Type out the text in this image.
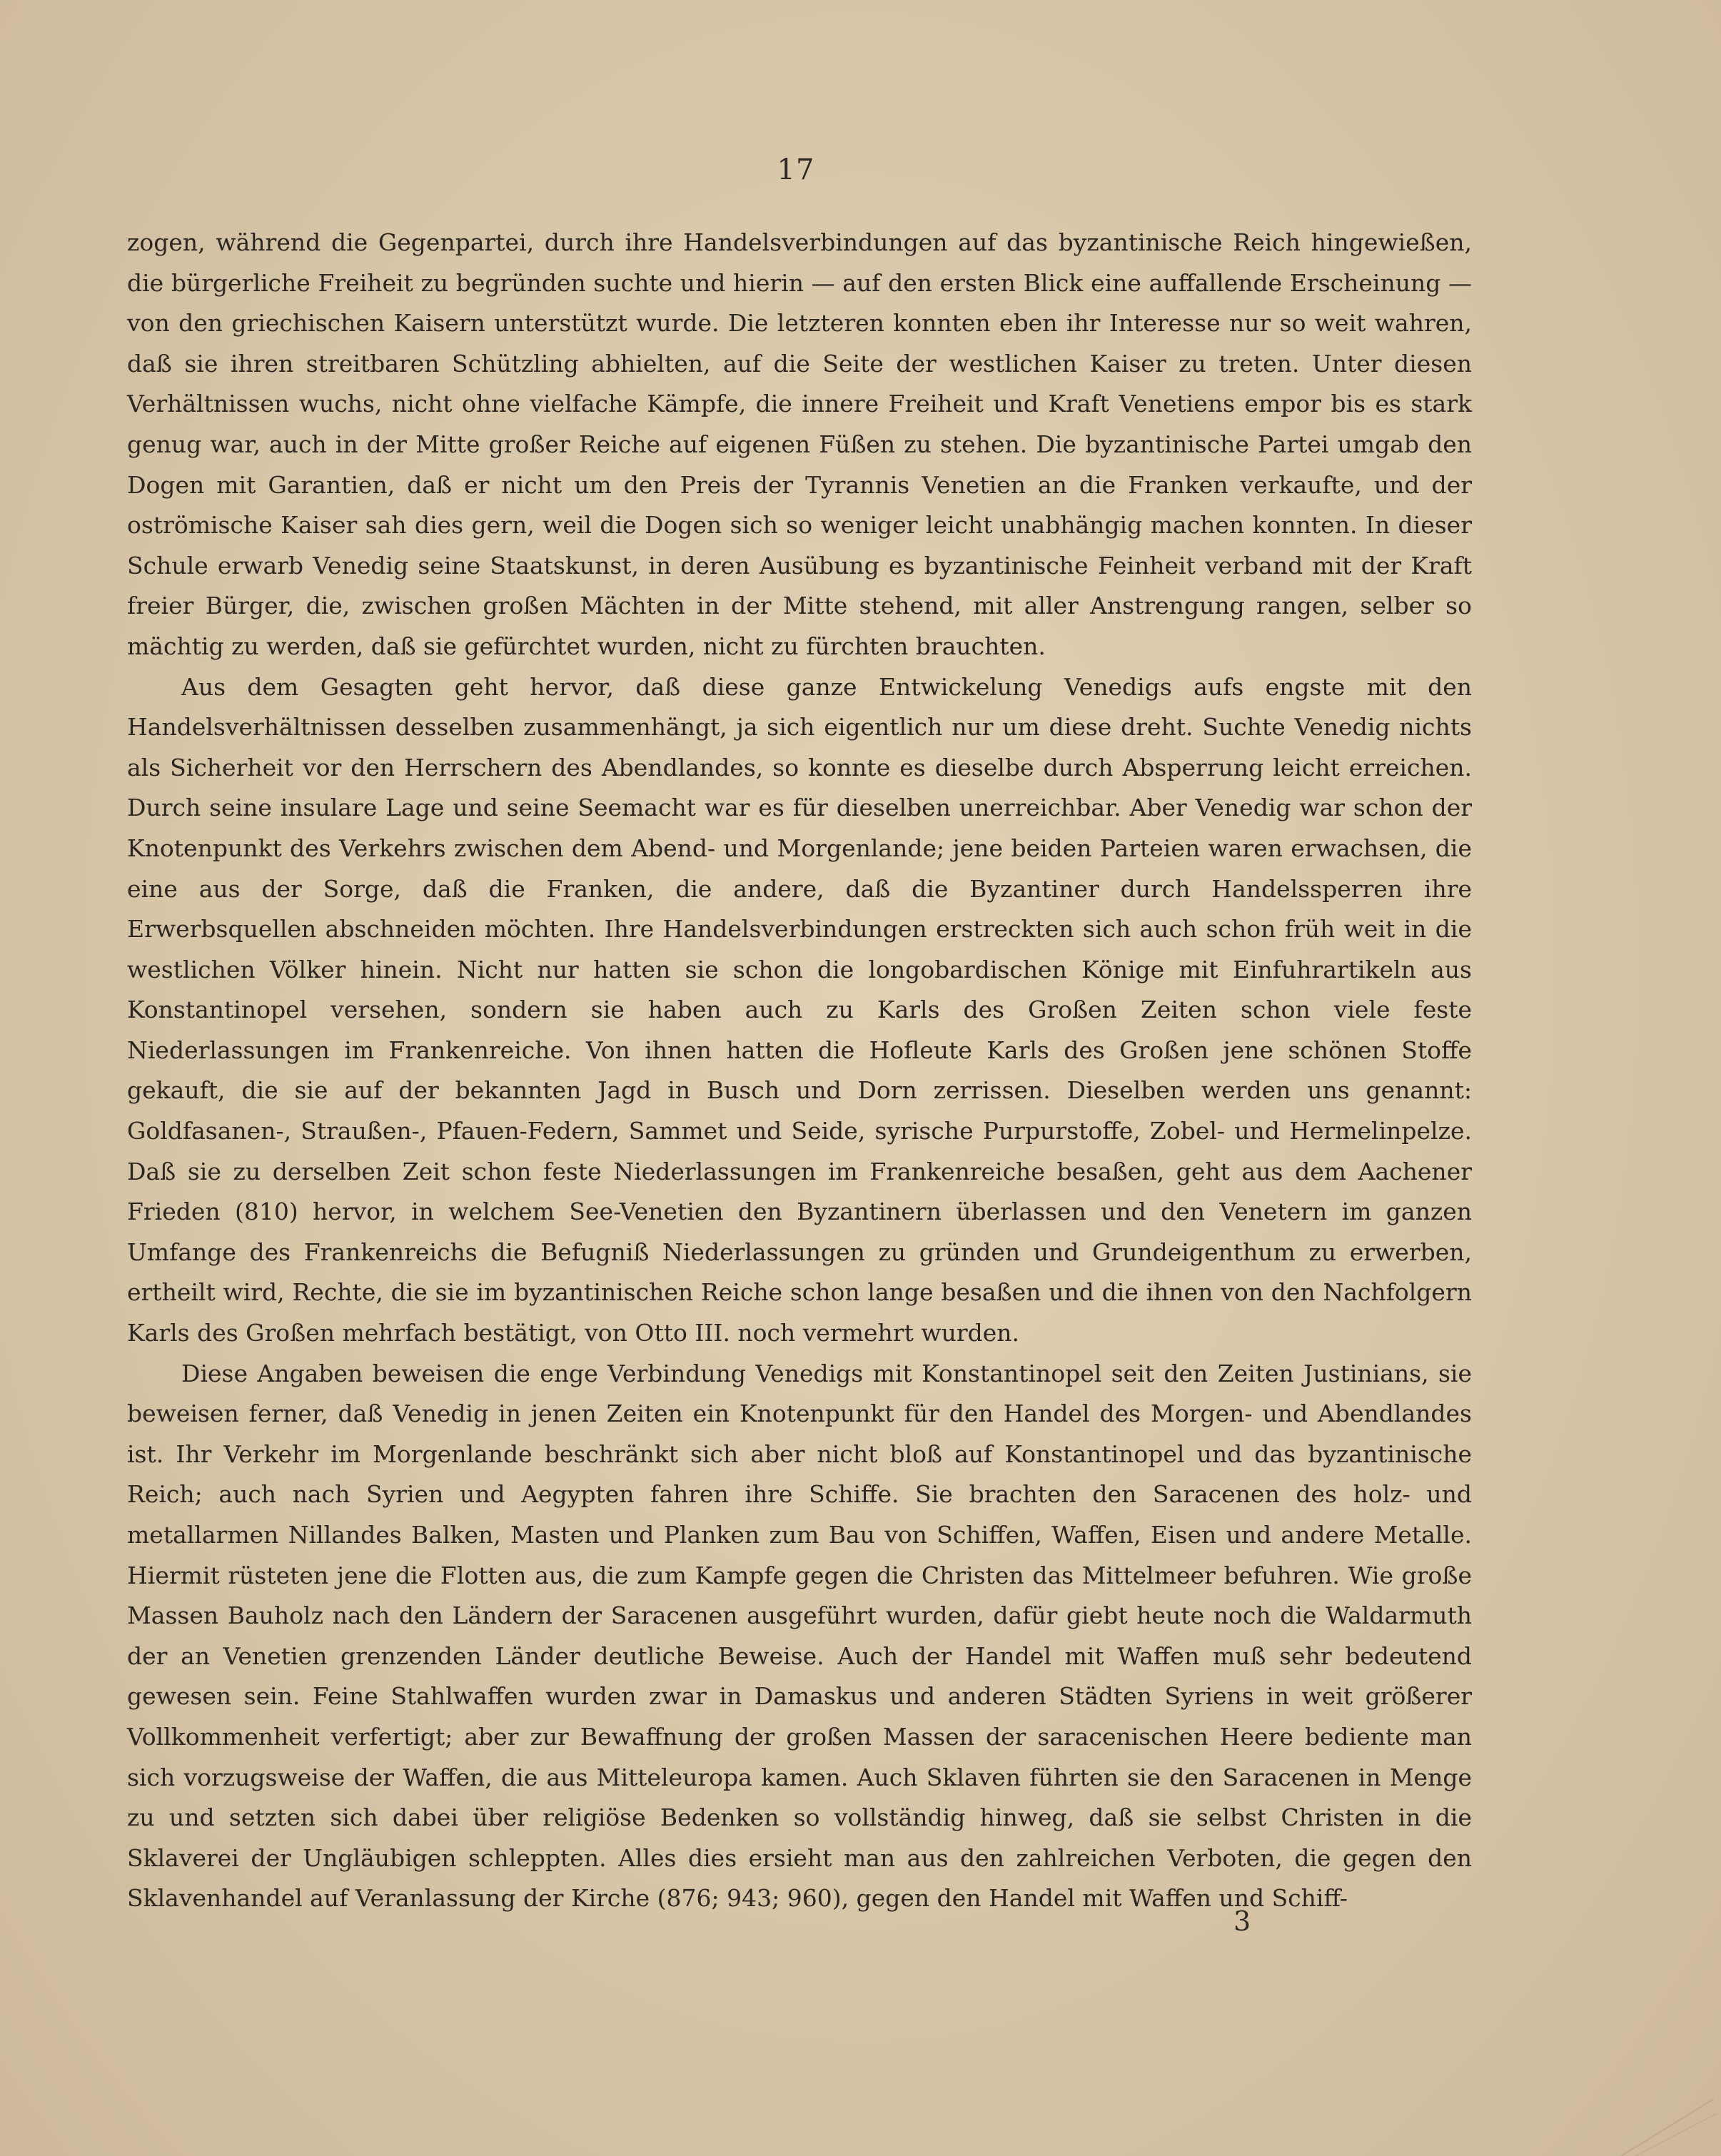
17

zogen, während die Gegenpartei, durch ihre Handelsverbindungen auf das byzantinische Reich hingewießen, die bürgerliche Freiheit zu begründen suchte und hierin — auf den ersten Blick eine auffallende Erscheinung — von den griechischen Kaisern unterstützt wurde. Die letzteren konnten eben ihr Interesse nur so weit wahren, daß sie ihren streitbaren Schützling abhielten, auf die Seite der westlichen Kaiser zu treten. Unter diesen Verhältnissen wuchs, nicht ohne vielfache Kämpfe, die innere Freiheit und Kraft Venetiens empor bis es stark genug war, auch in der Mitte großer Reiche auf eigenen Füßen zu stehen. Die byzantinische Partei umgab den Dogen mit Garantien, daß er nicht um den Preis der Tyrannis Venetien an die Franken verkaufte, und der oströmische Kaiser sah dies gern, weil die Dogen sich so weniger leicht unabhängig machen konnten. In dieser Schule erwarb Venedig seine Staatskunst, in deren Ausübung es byzantinische Feinheit verband mit der Kraft freier Bürger, die, zwischen großen Mächten in der Mitte stehend, mit aller Anstrengung rangen, selber so mächtig zu werden, daß sie gefürchtet wurden, nicht zu fürchten brauchten.

Aus dem Gesagten geht hervor, daß diese ganze Entwickelung Venedigs aufs engste mit den Handelsverhältnissen desselben zusammenhängt, ja sich eigentlich nur um diese dreht. Suchte Venedig nichts als Sicherheit vor den Herrschern des Abendlandes, so konnte es dieselbe durch Absperrung leicht erreichen. Durch seine insulare Lage und seine Seemacht war es für dieselben unerreichbar. Aber Venedig war schon der Knotenpunkt des Verkehrs zwischen dem Abend- und Morgenlande; jene beiden Parteien waren erwachsen, die eine aus der Sorge, daß die Franken, die andere, daß die Byzantiner durch Handelssperren ihre Erwerbsquellen abschneiden möchten. Ihre Handelsverbindungen erstreckten sich auch schon früh weit in die westlichen Völker hinein. Nicht nur hatten sie schon die longobardischen Könige mit Einfuhrartikeln aus Konstantinopel versehen, sondern sie haben auch zu Karls des Großen Zeiten schon viele feste Niederlassungen im Frankenreiche. Von ihnen hatten die Hofleute Karls des Großen jene schönen Stoffe gekauft, die sie auf der bekannten Jagd in Busch und Dorn zerrissen. Dieselben werden uns genannt: Goldfasanen-, Straußen-, Pfauen-Federn, Sammet und Seide, syrische Purpurstoffe, Zobel- und Hermelinpelze. Daß sie zu derselben Zeit schon feste Niederlassungen im Frankenreiche besaßen, geht aus dem Aachener Frieden (810) hervor, in welchem See-Venetien den Byzantinern überlassen und den Venetern im ganzen Umfange des Frankenreichs die Befugniß Niederlassungen zu gründen und Grundeigenthum zu erwerben, ertheilt wird, Rechte, die sie im byzantinischen Reiche schon lange besaßen und die ihnen von den Nachfolgern Karls des Großen mehrfach bestätigt, von Otto III. noch vermehrt wurden.

Diese Angaben beweisen die enge Verbindung Venedigs mit Konstantinopel seit den Zeiten Justinians, sie beweisen ferner, daß Venedig in jenen Zeiten ein Knotenpunkt für den Handel des Morgen- und Abendlandes ist. Ihr Verkehr im Morgenlande beschränkt sich aber nicht bloß auf Konstantinopel und das byzantinische Reich; auch nach Syrien und Aegypten fahren ihre Schiffe. Sie brachten den Saracenen des holz- und metallarmen Nillandes Balken, Masten und Planken zum Bau von Schiffen, Waffen, Eisen und andere Metalle. Hiermit rüsteten jene die Flotten aus, die zum Kampfe gegen die Christen das Mittelmeer befuhren. Wie große Massen Bauholz nach den Ländern der Saracenen ausgeführt wurden, dafür giebt heute noch die Waldarmuth der an Venetien grenzenden Länder deutliche Beweise. Auch der Handel mit Waffen muß sehr bedeutend gewesen sein. Feine Stahlwaffen wurden zwar in Damaskus und anderen Städten Syriens in weit größerer Vollkommenheit verfertigt; aber zur Bewaffnung der großen Massen der saracenischen Heere bediente man sich vorzugsweise der Waffen, die aus Mitteleuropa kamen. Auch Sklaven führten sie den Saracenen in Menge zu und setzten sich dabei über religiöse Bedenken so vollständig hinweg, daß sie selbst Christen in die Sklaverei der Ungläubigen schleppten. Alles dies ersieht man aus den zahlreichen Verboten, die gegen den Sklavenhandel auf Veranlassung der Kirche (876; 943; 960), gegen den Handel mit Waffen und Schiff-

3
